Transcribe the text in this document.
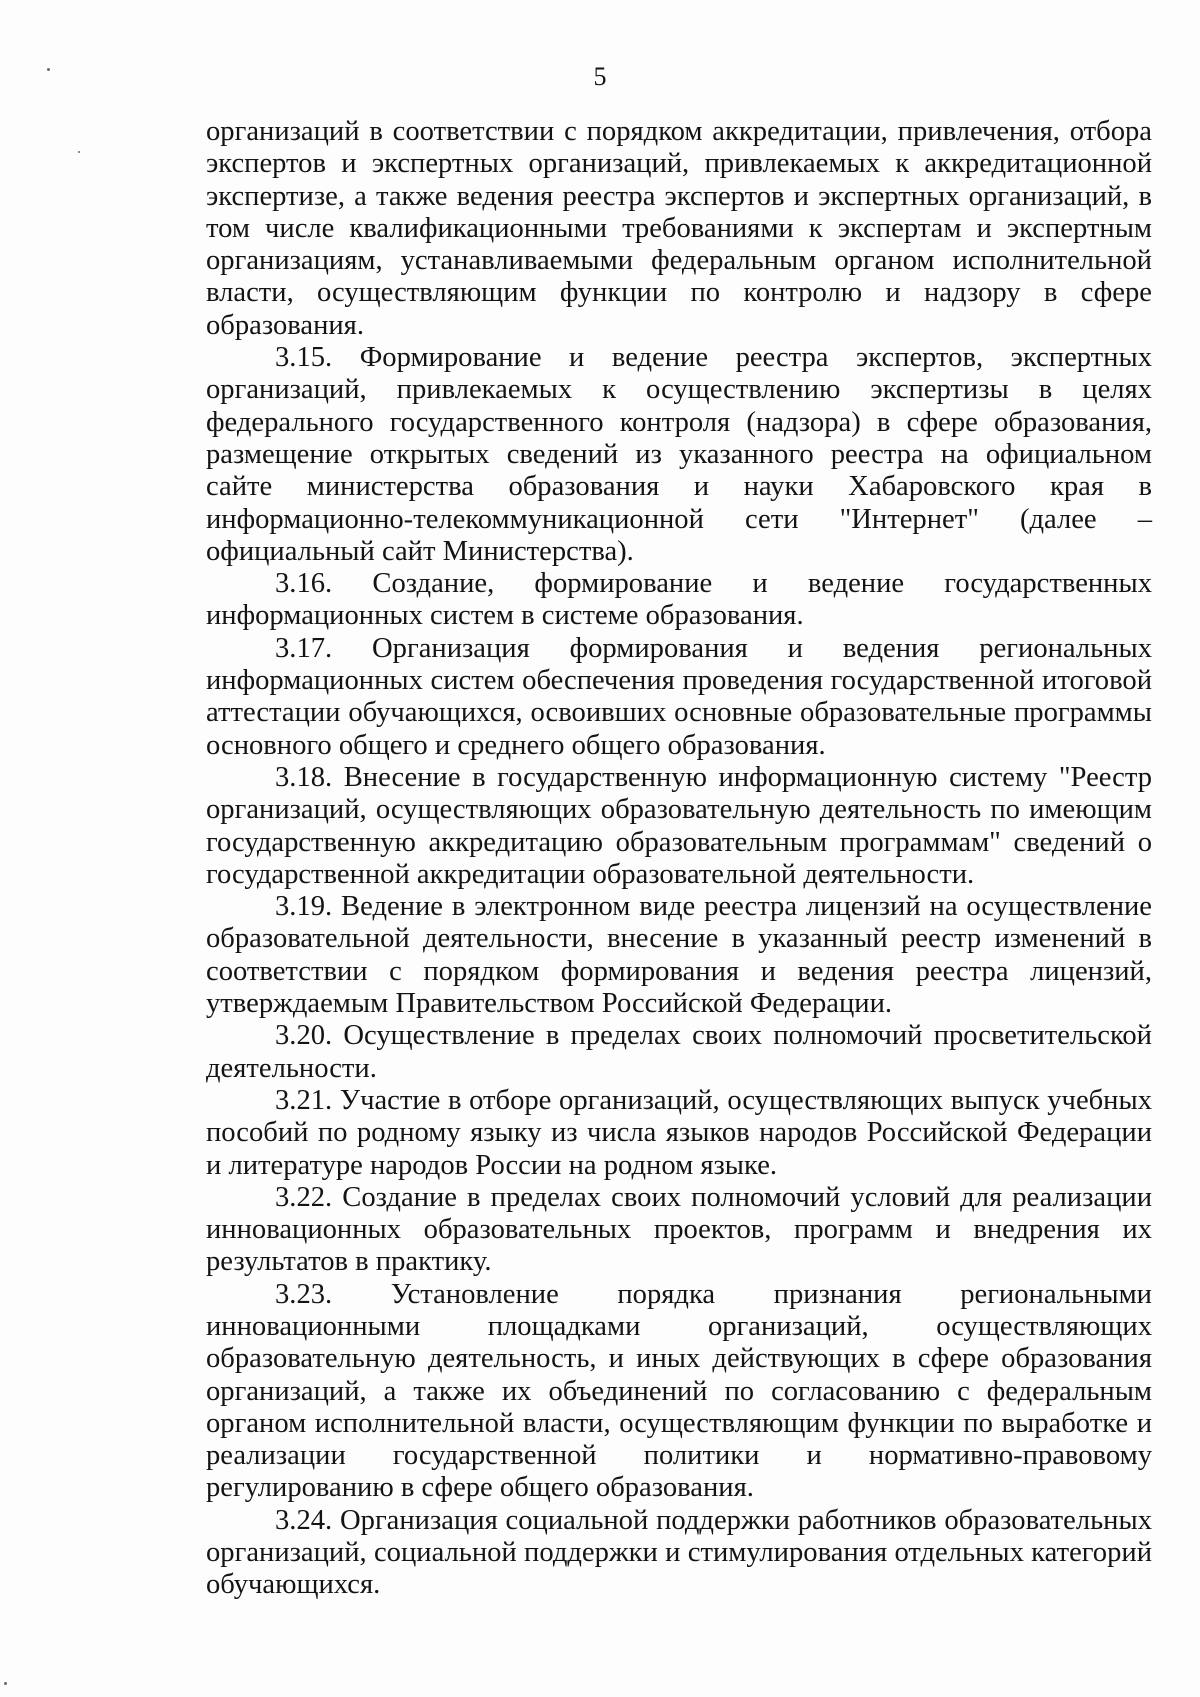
5

организаций в соответствии с порядком аккредитации, привлечения, отбора экспертов и экспертных организаций, привлекаемых к аккредитационной экспертизе, а также ведения реестра экспертов и экспертных организаций, в том числе квалификационными требованиями к экспертам и экспертным организациям, устанавливаемыми федеральным органом исполнительной власти, осуществляющим функции по контролю и надзору в сфере образования.

3.15. Формирование и ведение реестра экспертов, экспертных организаций, привлекаемых к осуществлению экспертизы в целях федерального государственного контроля (надзора) в сфере образования, размещение открытых сведений из указанного реестра на официальном сайте министерства образования и науки Хабаровского края в информационно-телекоммуникационной сети "Интернет" (далее – официальный сайт Министерства).

3.16. Создание, формирование и ведение государственных информационных систем в системе образования.

3.17. Организация формирования и ведения региональных информационных систем обеспечения проведения государственной итоговой аттестации обучающихся, освоивших основные образовательные программы основного общего и среднего общего образования.

3.18. Внесение в государственную информационную систему "Реестр организаций, осуществляющих образовательную деятельность по имеющим государственную аккредитацию образовательным программам" сведений о государственной аккредитации образовательной деятельности.

3.19. Ведение в электронном виде реестра лицензий на осуществление образовательной деятельности, внесение в указанный реестр изменений в соответствии с порядком формирования и ведения реестра лицензий, утверждаемым Правительством Российской Федерации.

3.20. Осуществление в пределах своих полномочий просветительской деятельности.

3.21. Участие в отборе организаций, осуществляющих выпуск учебных пособий по родному языку из числа языков народов Российской Федерации и литературе народов России на родном языке.

3.22. Создание в пределах своих полномочий условий для реализации инновационных образовательных проектов, программ и внедрения их результатов в практику.

3.23. Установление порядка признания региональными инновационными площадками организаций, осуществляющих образовательную деятельность, и иных действующих в сфере образования организаций, а также их объединений по согласованию с федеральным органом исполнительной власти, осуществляющим функции по выработке и реализации государственной политики и нормативно-правовому регулированию в сфере общего образования.

3.24. Организация социальной поддержки работников образовательных организаций, социальной поддержки и стимулирования отдельных категорий обучающихся.
